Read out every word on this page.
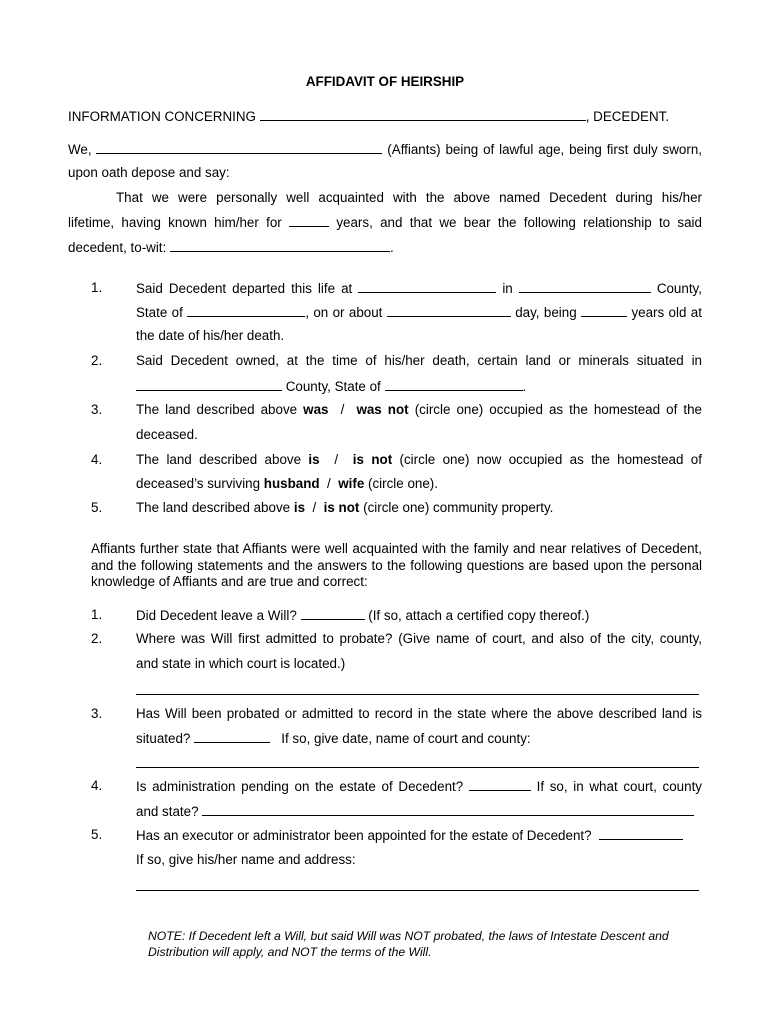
AFFIDAVIT OF HEIRSHIP
INFORMATION CONCERNING	, DECEDENT.
We,	(Affiants) being of lawful age, being first duly sworn,
upon oath depose and say:
That we were personally well acquainted with the above named Decedent during his/her
lifetime, having known him/her for	years, and that we bear the following relationship to said
decedent, to-wit:	.
1.	Said Decedent departed this life at	in	County,
State of	, on or about	day, being	years old at
the date of his/her death.
2.	Said Decedent owned, at the time of his/her death, certain land or minerals situated in
County, State of	.
3.	The land described above was / was not (circle one) occupied as the homestead of the
deceased.
4.	The land described above is / is not (circle one) now occupied as the homestead of
deceased’s surviving husband / wife (circle one).
5.	The land described above is / is not (circle one) community property.
Affiants further state that Affiants were well acquainted with the family and near relatives of Decedent, and the following statements and the answers to the following questions are based upon the personal knowledge of Affiants and are true and correct:
1.	Did Decedent leave a Will?	(If so, attach a certified copy thereof.)
2.	Where was Will first admitted to probate? (Give name of court, and also of the city, county,
and state in which court is located.)
3.	Has Will been probated or admitted to record in the state where the above described land is
situated?	If so, give date, name of court and county:
4.	Is administration pending on the estate of Decedent?	If so, in what court, county
and state?
5.	Has an executor or administrator been appointed for the estate of Decedent?
If so, give his/her name and address:
NOTE: If Decedent left a Will, but said Will was NOT probated, the laws of Intestate Descent and Distribution will apply, and NOT the terms of the Will.
